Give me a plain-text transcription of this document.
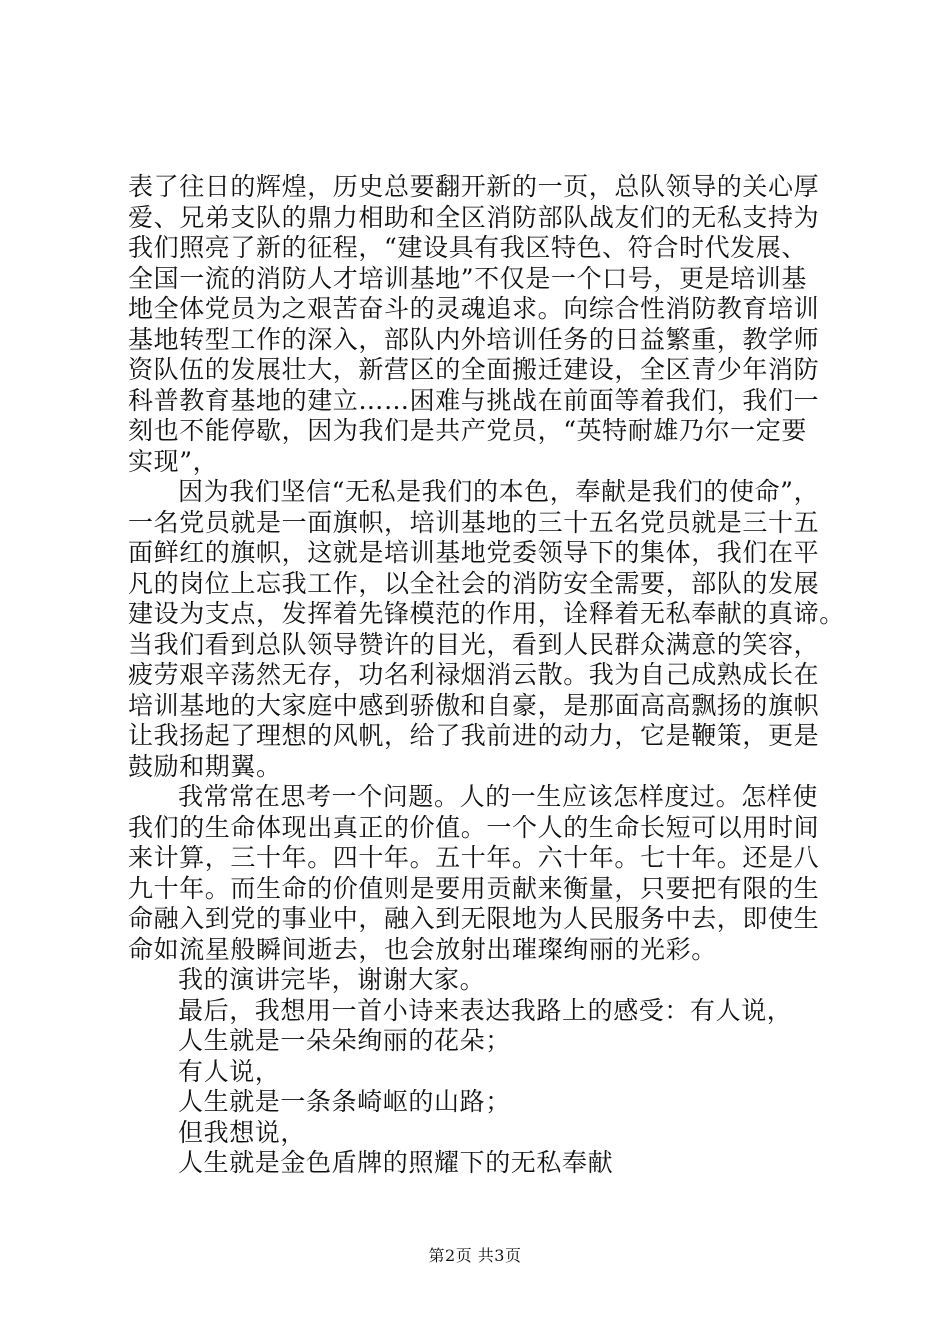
表了往日的辉煌，历史总要翻开新的一页，总队领导的关心厚
爱、兄弟支队的鼎力相助和全区消防部队战友们的无私支持为
我们照亮了新的征程，“建设具有我区特色、符合时代发展、
全国一流的消防人才培训基地”不仅是一个口号，更是培训基
地全体党员为之艰苦奋斗的灵魂追求。向综合性消防教育培训
基地转型工作的深入，部队内外培训任务的日益繁重，教学师
资队伍的发展壮大，新营区的全面搬迁建设，全区青少年消防
科普教育基地的建立……困难与挑战在前面等着我们，我们一
刻也不能停歇，因为我们是共产党员，“英特耐雄乃尔一定要
实现”，
因为我们坚信“无私是我们的本色，奉献是我们的使命”，
一名党员就是一面旗帜，培训基地的三十五名党员就是三十五
面鲜红的旗帜，这就是培训基地党委领导下的集体，我们在平
凡的岗位上忘我工作，以全社会的消防安全需要，部队的发展
建设为支点，发挥着先锋模范的作用，诠释着无私奉献的真谛。
当我们看到总队领导赞许的目光，看到人民群众满意的笑容，
疲劳艰辛荡然无存，功名利禄烟消云散。我为自己成熟成长在
培训基地的大家庭中感到骄傲和自豪，是那面高高飘扬的旗帜
让我扬起了理想的风帆，给了我前进的动力，它是鞭策，更是
鼓励和期翼。
我常常在思考一个问题。人的一生应该怎样度过。怎样使
我们的生命体现出真正的价值。一个人的生命长短可以用时间
来计算，三十年。四十年。五十年。六十年。七十年。还是八
九十年。而生命的价值则是要用贡献来衡量，只要把有限的生
命融入到党的事业中，融入到无限地为人民服务中去，即使生
命如流星般瞬间逝去，也会放射出璀璨绚丽的光彩。
我的演讲完毕，谢谢大家。
最后，我想用一首小诗来表达我路上的感受：有人说，
人生就是一朵朵绚丽的花朵；
有人说，
人生就是一条条崎岖的山路；
但我想说，
人生就是金色盾牌的照耀下的无私奉献
第2页 共3页
